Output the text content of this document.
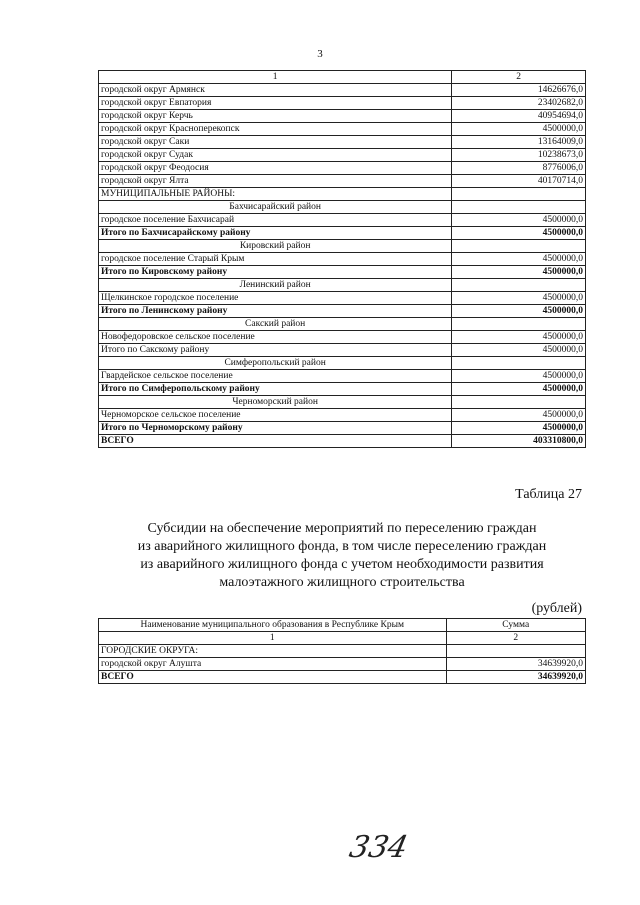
3
1	2
городской округ Армянск	14626676,0
городской округ Евпатория	23402682,0
городской округ Керчь	40954694,0
городской округ Красноперекопск	4500000,0
городской округ Саки	13164009,0
городской округ Судак	10238673,0
городской округ Феодосия	8776006,0
городской округ Ялта	40170714,0
МУНИЦИПАЛЬНЫЕ РАЙОНЫ:	
Бахчисарайский район	
городское поселение Бахчисарай	4500000,0
Итого по Бахчисарайскому району	4500000,0
Кировский район	
городское поселение Старый Крым	4500000,0
Итого по Кировскому району	4500000,0
Ленинский район	
Щелкинское городское поселение	4500000,0
Итого по Ленинскому району	4500000,0
Сакский район	
Новофедоровское сельское поселение	4500000,0
Итого по Сакскому району	4500000,0
Симферопольский район	
Гвардейское сельское поселение	4500000,0
Итого по Симферопольскому району	4500000,0
Черноморский район	
Черноморское сельское поселение	4500000,0
Итого по Черноморскому району	4500000,0
ВСЕГО	403310800,0
Таблица 27
Субсидии на обеспечение мероприятий по переселению граждан
из аварийного жилищного фонда, в том числе переселению граждан
из аварийного жилищного фонда с учетом необходимости развития
малоэтажного жилищного строительства
(рублей)
Наименование муниципального образования в Республике Крым	Сумма
1	2
ГОРОДСКИЕ ОКРУГА:	
городской округ Алушта	34639920,0
ВСЕГО	34639920,0
334
